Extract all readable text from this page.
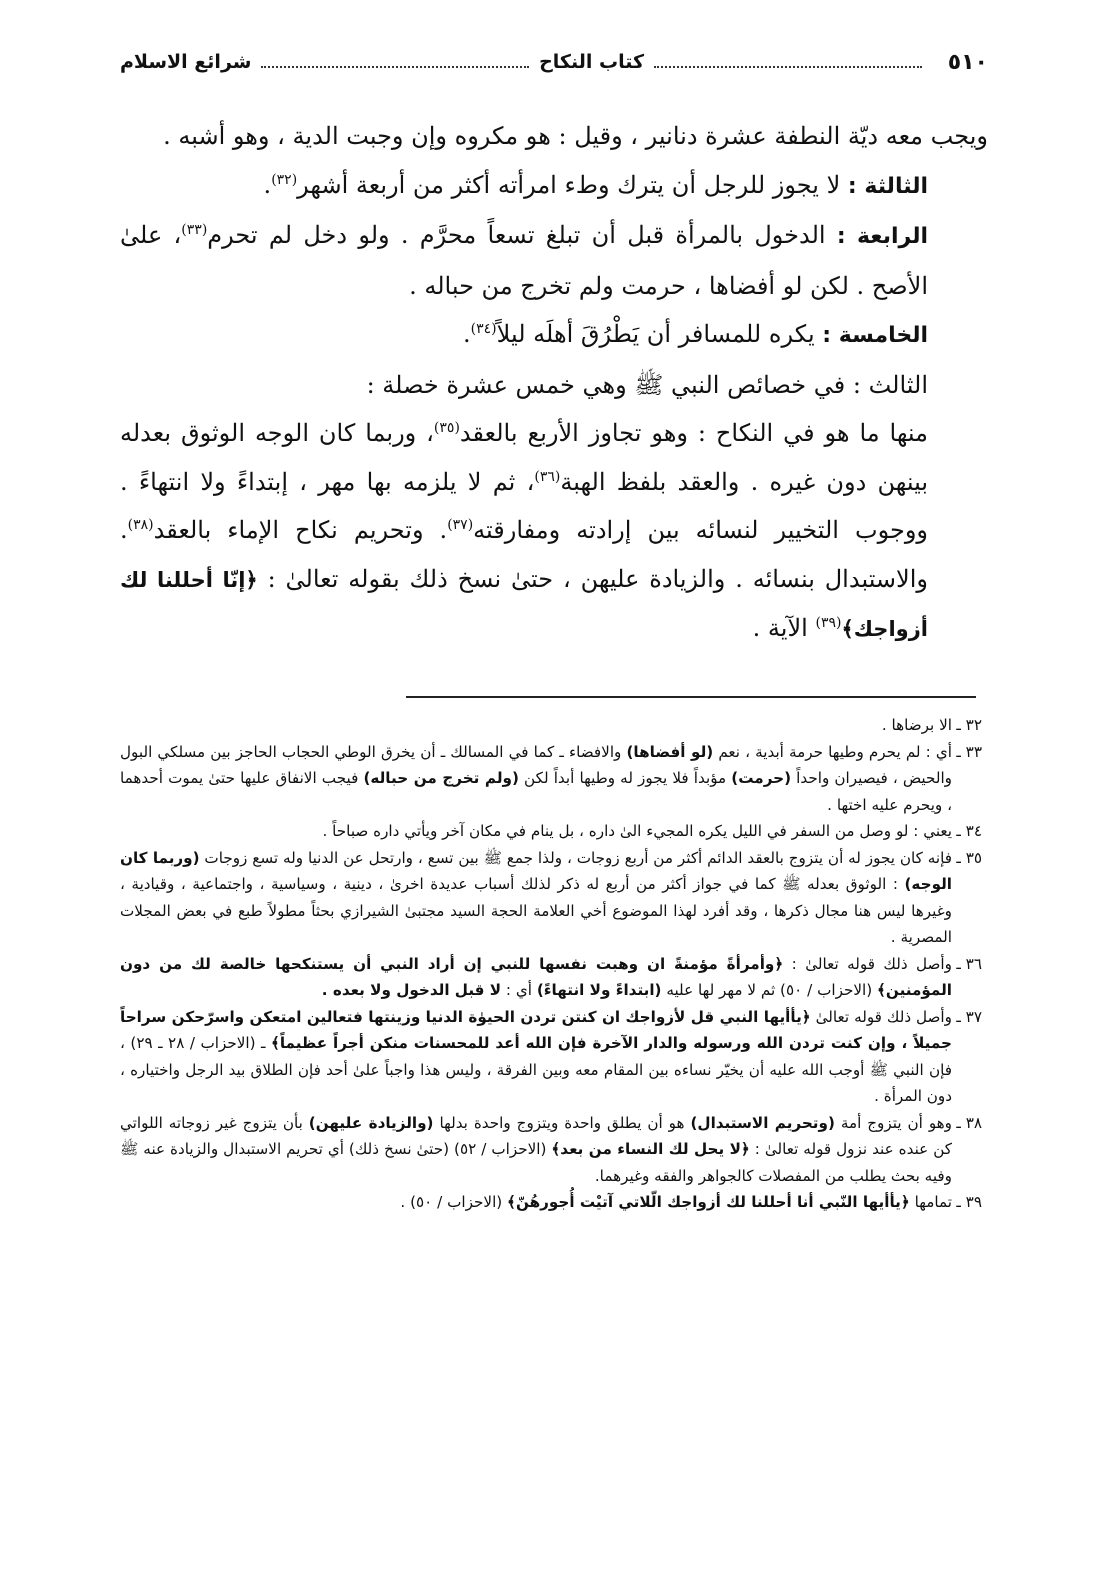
٥١٠
كتاب النكاح
شرائع الاسلام

ويجب معه ديّة النطفة عشرة دنانير ، وقيل : هو مكروه وإن وجبت الدية ، وهو أشبه .

الثالثة : لا يجوز للرجل أن يترك وطء امرأته أكثر من أربعة أشهر$^{(٣٢)}$.

الرابعة : الدخول بالمرأة قبل أن تبلغ تسعاً محرَّم . ولو دخل لم تحرم$^{(٣٣)}$، علىٰ الأصح . لكن لو أفضاها ، حرمت ولم تخرج من حباله .

الخامسة : يكره للمسافر أن يَطْرُقَ أهلَه ليلاً$^{(٣٤)}$.

الثالث : في خصائص النبي ﷺ وهي خمس عشرة خصلة :

منها ما هو في النكاح : وهو تجاوز الأربع بالعقد$^{(٣٥)}$، وربما كان الوجه الوثوق بعدله بينهن دون غيره . والعقد بلفظ الهبة$^{(٣٦)}$، ثم لا يلزمه بها مهر ، إبتداءً ولا انتهاءً . ووجوب التخيير لنسائه بين إرادته ومفارقته$^{(٣٧)}$. وتحريم نكاح الإماء بالعقد$^{(٣٨)}$. والاستبدال بنسائه . والزيادة عليهن ، حتىٰ نسخ ذلك بقوله تعالىٰ : ﴿إنّا أحللنا لك أزواجك﴾$^{(٣٩)}$ الآية .

٣٢ ـالا برضاها .

٣٣ ـأي : لم يحرم وطيها حرمة أبدية ، نعم (لو أفضاها) والافضاء ـ كما في المسالك ـ أن يخرق الوطي الحجاب الحاجز بين مسلكي البول والحيض ، فيصيران واحداً (حرمت) مؤبداً فلا يجوز له وطيها أبداً لكن (ولم تخرج من حباله) فيجب الانفاق عليها حتىٰ يموت أحدهما ، ويحرم عليه اختها .

٣٤ ـيعني : لو وصل من السفر في الليل يكره المجيء الىٰ داره ، بل ينام في مكان آخر ويأتي داره صباحاً .

٣٥ ـفإنه كان يجوز له أن يتزوج بالعقد الدائم أكثر من أربع زوجات ، ولذا جمع ﷺ بين تسع ، وارتحل عن الدنيا وله تسع زوجات (وربما كان الوجه) : الوثوق بعدله ﷺ كما في جواز أكثر من أربع له ذكر لذلك أسباب عديدة اخرىٰ ، دينية ، وسياسية ، واجتماعية ، وقيادية ، وغيرها ليس هنا مجال ذكرها ، وقد أفرد لهذا الموضوع أخي العلامة الحجة السيد مجتبىٰ الشيرازي بحثاً مطولاً طبع في بعض المجلات المصرية .

٣٦ ـوأصل ذلك قوله تعالىٰ : ﴿وأمرأةً مؤمنةً ان وهبت نفسها للنبي إن أراد النبي أن يستنكحها خالصة لك من دون المؤمنين﴾ (الاحزاب / ٥٠) ثم لا مهر لها عليه (ابتداءً ولا انتهاءً) أي : لا قبل الدخول ولا بعده .

٣٧ ـوأصل ذلك قوله تعالىٰ ﴿يأأيها النبي قل لأزواجك ان كنتن تردن الحيوٰة الدنيا وزينتها فتعالين امتعكن واسرّحكن سراحاً جميلاً ، وإن كنت تردن الله ورسوله والدار الآخرة فإن الله أعد للمحسنات منكن أجراً عظيماً﴾ ـ (الاحزاب / ٢٨ ـ ٢٩) ، فإن النبي ﷺ أوجب الله عليه أن يخيّر نساءه بين المقام معه وبين الفرقة ، وليس هذا واجباً علىٰ أحد فإن الطلاق بيد الرجل واختياره ، دون المرأة .

٣٨ ـوهو أن يتزوج أمة (وتحريم الاستبدال) هو أن يطلق واحدة ويتزوج واحدة بدلها (والزيادة عليهن) بأن يتزوج غير زوجاته اللواتي كن عنده عند نزول قوله تعالىٰ : ﴿لا يحل لك النساء من بعد﴾ (الاحزاب / ٥٢) (حتىٰ نسخ ذلك) أي تحريم الاستبدال والزيادة عنه ﷺ وفيه بحث يطلب من المفصلات كالجواهر والفقه وغيرهما.

٣٩ ـتمامها ﴿يأأيها النّبي أنا أحللنا لك أزواجك الّلاتي آتيْت أُجورهُنّ﴾ (الاحزاب / ٥٠) .
